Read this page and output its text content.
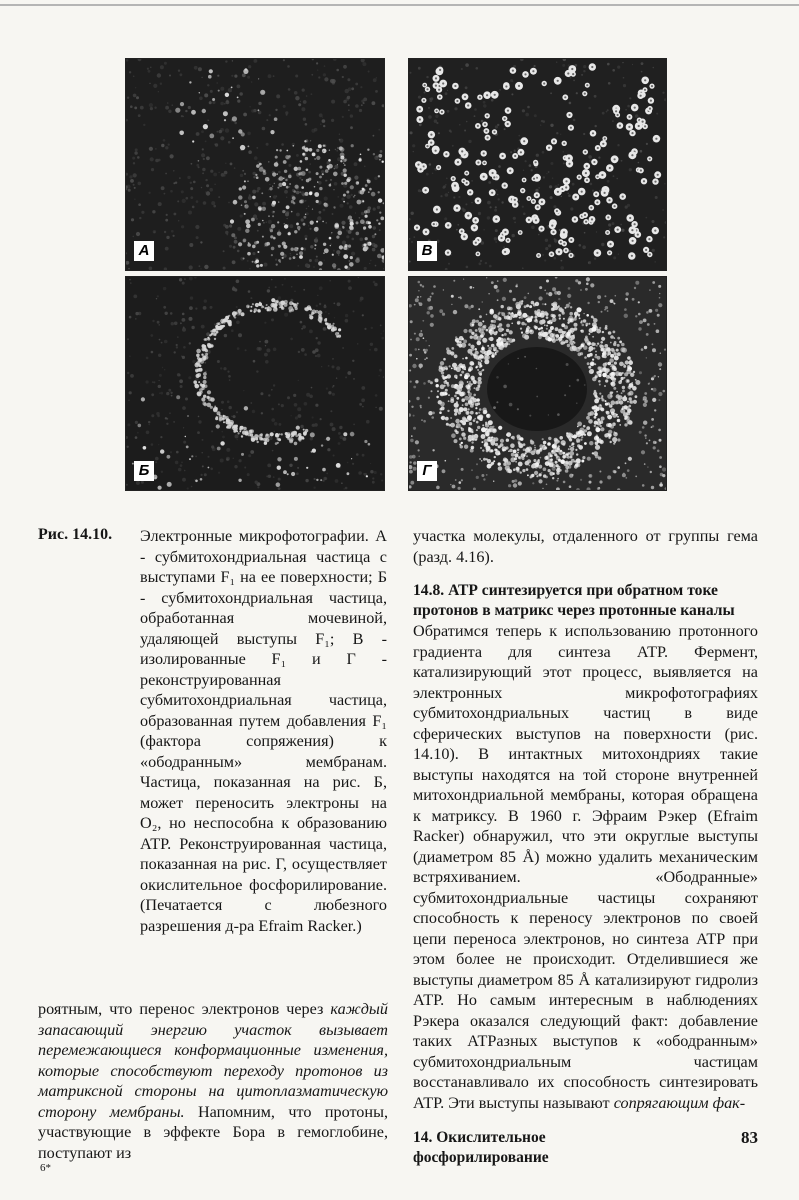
А	В
Б	Г
Рис. 14.10. Электронные микрофотографии. А - субмитохондриальная частица с выступами F₁ на ее поверхности; Б - субмитохондриальная частица, обработанная мочевиной, удаляющей выступы F₁; В - изолированные F₁ и Г - реконструированная субмитохондриальная частица, образованная путем добавления F₁ (фактора сопряжения) к «ободранным» мембранам. Частица, показанная на рис. Б, может переносить электроны на O₂, но неспособна к образованию АТР. Реконструированная частица, показанная на рис. Г, осуществляет окислительное фосфорилирование. (Печатается с любезного разрешения д-ра Efraim Racker.)

роятным, что перенос электронов через каждый запасающий энергию участок вызывает перемежающиеся конформационные изменения, которые способствуют переходу протонов из матриксной стороны на цитоплазматическую сторону мембраны. Напомним, что протоны, участвующие в эффекте Бора в гемоглобине, поступают из

участка молекулы, отдаленного от группы гема (разд. 4.16).

14.8. АТР синтезируется при обратном токе протонов в матрикс через протонные каналы

Обратимся теперь к использованию протонного градиента для синтеза АТР. Фермент, катализирующий этот процесс, выявляется на электронных микрофотографиях субмитохондриальных частиц в виде сферических выступов на поверхности (рис. 14.10). В интактных митохондриях такие выступы находятся на той стороне внутренней митохондриальной мембраны, которая обращена к матриксу. В 1960 г. Эфраим Рэкер (Efraim Racker) обнаружил, что эти округлые выступы (диаметром 85 Å) можно удалить механическим встряхиванием. «Ободранные» субмитохондриальные частицы сохраняют способность к переносу электронов по своей цепи переноса электронов, но синтеза АТР при этом более не происходит. Отделившиеся же выступы диаметром 85 Å катализируют гидролиз АТР. Но самым интересным в наблюдениях Рэкера оказался следующий факт: добавление таких АТРазных выступов к «ободранным» субмитохондриальным частицам восстанавливало их способность синтезировать АТР. Эти выступы называют сопрягающим фак-

14. Окислительное фосфорилирование
83
6*
